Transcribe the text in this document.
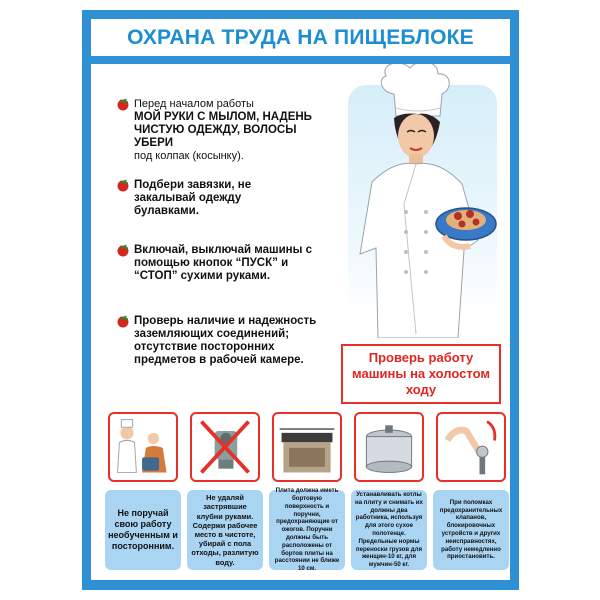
ОХРАНА ТРУДА НА ПИЩЕБЛОКЕ
Перед началом работы
МОЙ РУКИ С МЫЛОМ, НАДЕНЬ ЧИСТУЮ ОДЕЖДУ, ВОЛОСЫ УБЕРИ
под колпак (косынку).
Подбери завязки, не закалывай одежду булавками.
Включай, выключай машины с помощью кнопок “ПУСК” и “СТОП” сухими руками.
Проверь наличие и надежность заземляющих соединений; отсутствие посторонних предметов в рабочей камере.	Проверь работу машины на холостом ходу
Не поручай свою работу необученным и посторонним.
Не удаляй застрявшие клубни руками. Содержи рабочее место в чистоте, убирай с пола отходы, разлитую воду.
Плита должна иметь бортовую поверхность и поручни, предохраняющие от ожогов. Поручни должны быть расположены от бортов плиты на расстоянии не ближе 10 см.
Устанавливать котлы на плиту и снимать их должны два работника, используя для этого сухое полотенце. Предельные нормы переноски грузов для женщин-10 кг, для мужчин-50 кг.
При поломках предохранительных клапанов, блокировочных устройств и других неисправностях, работу немедленно приостановить.
